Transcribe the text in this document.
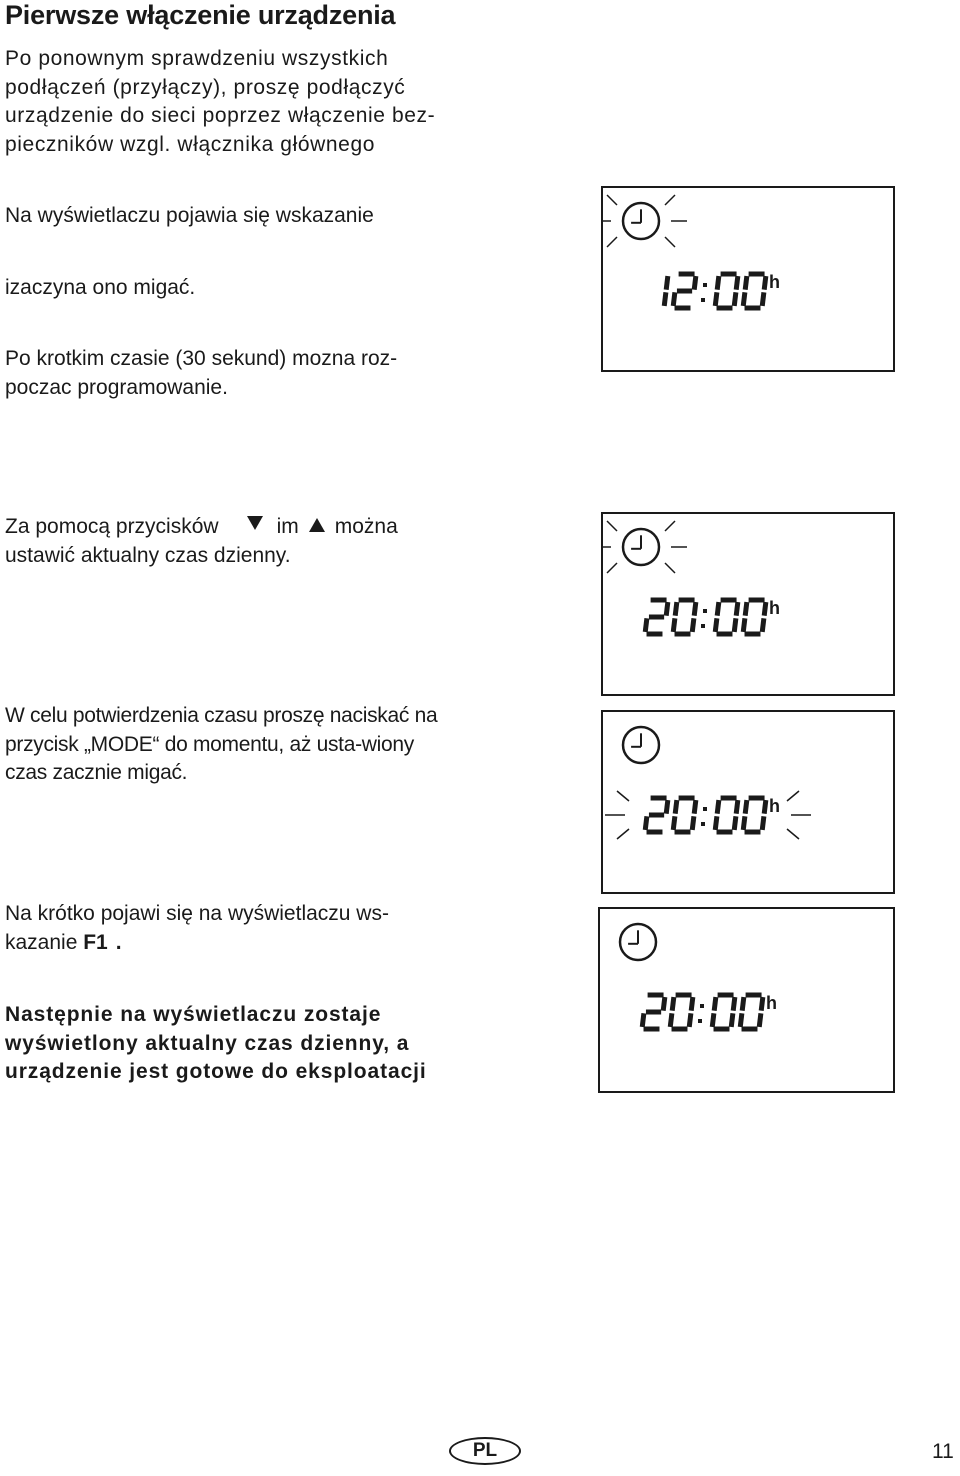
Pierwsze włączenie urządzenia

Po ponownym sprawdzeniu wszystkich podłączeń (przyłączy), proszę podłączyć urządzenie do sieci poprzez włączenie bez-pieczników wzgl. włącznika głównego

Na wyświetlaczu pojawia się wskazanie

izaczyna ono migać.

Po krotkim czasie (30 sekund) mozna roz-poczac programowanie.

Za pomocą przycisków	im można
ustawić aktualny czas dzienny.

W celu potwierdzenia czasu proszę naciskać na przycisk „MODE“ do momentu, aż usta-wiony czas zacznie migać.

Na krótko pojawi się na wyświetlaczu ws-kazanie F1 .

Następnie na wyświetlaczu zostaje wyświetlony aktualny czas dzienny, a urządzenie jest gotowe do eksploatacji

h
h
h
h
PL	11
